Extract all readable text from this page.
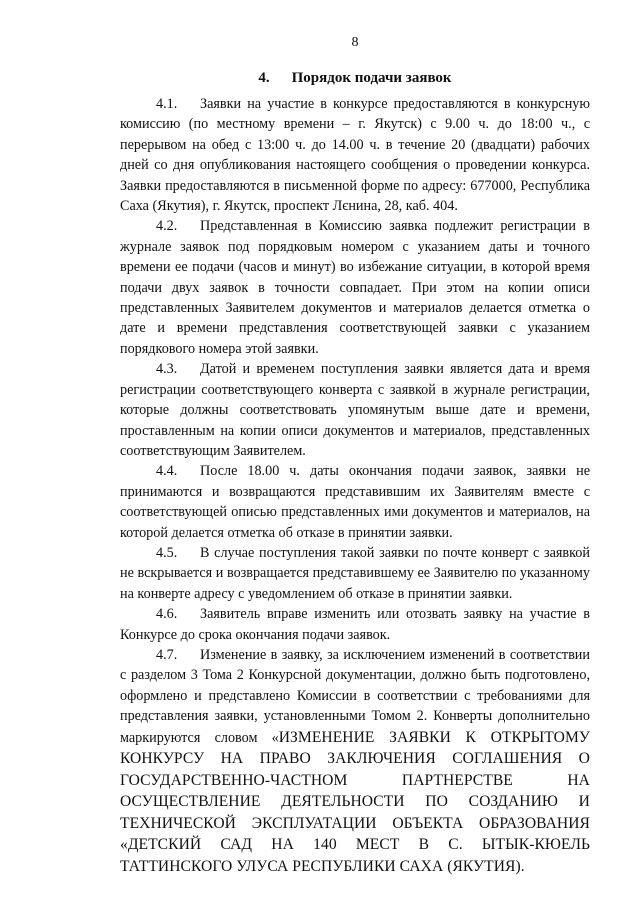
8
4. Порядок подачи заявок

4.1. Заявки на участие в конкурсе предоставляются в конкурсную комиссию (по местному времени – г. Якутск) с 9.00 ч. до 18:00 ч., с перерывом на обед с 13:00 ч. до 14.00 ч. в течение 20 (двадцати) рабочих дней со дня опубликования настоящего сообщения о проведении конкурса. Заявки предоставляются в письменной форме по адресу: 677000, Республика Саха (Якутия), г. Якутск, проспект Лєнина, 28, каб. 404.

4.2. Представленная в Комиссию заявка подлежит регистрации в журнале заявок под порядковым номером с указанием даты и точного времени ее подачи (часов и минут) во избежание ситуации, в которой время подачи двух заявок в точности совпадает. При этом на копии описи представленных Заявителем документов и материалов делается отметка о дате и времени представления соответствующей заявки с указанием порядкового номера этой заявки.

4.3. Датой и временем поступления заявки является дата и время регистрации соответствующего конверта с заявкой в журнале регистрации, которые должны соответствовать упомянутым выше дате и времени, проставленным на копии описи документов и материалов, представленных соответствующим Заявителем.

4.4. После 18.00 ч. даты окончания подачи заявок, заявки не принимаются и возвращаются представившим их Заявителям вместе с соответствующей описью представленных ими документов и материалов, на которой делается отметка об отказе в принятии заявки.

4.5. В случае поступления такой заявки по почте конверт с заявкой не вскрывается и возвращается представившему ее Заявителю по указанному на конверте адресу с уведомлением об отказе в принятии заявки.

4.6. Заявитель вправе изменить или отозвать заявку на участие в Конкурсе до срока окончания подачи заявок.

4.7. Изменение в заявку, за исключением изменений в соответствии с разделом 3 Тома 2 Конкурсной документации, должно быть подготовлено, оформлено и представлено Комиссии в соответствии с требованиями для представления заявки, установленными Томом 2. Конверты дополнительно маркируются словом «ИЗМЕНЕНИЕ ЗАЯВКИ К ОТКРЫТОМУ КОНКУРСУ НА ПРАВО ЗАКЛЮЧЕНИЯ СОГЛАШЕНИЯ О ГОСУДАРСТВЕННО-ЧАСТНОМ ПАРТНЕРСТВЕ НА ОСУЩЕСТВЛЕНИЕ ДЕЯТЕЛЬНОСТИ ПО СОЗДАНИЮ И ТЕХНИЧЕСКОЙ ЭКСПЛУАТАЦИИ ОБЪЕКТА ОБРАЗОВАНИЯ «ДЕТСКИЙ САД НА 140 МЕСТ В С. ЫТЫК-КЮЕЛЬ ТАТТИНСКОГО УЛУСА РЕСПУБЛИКИ САХА (ЯКУТИЯ).
